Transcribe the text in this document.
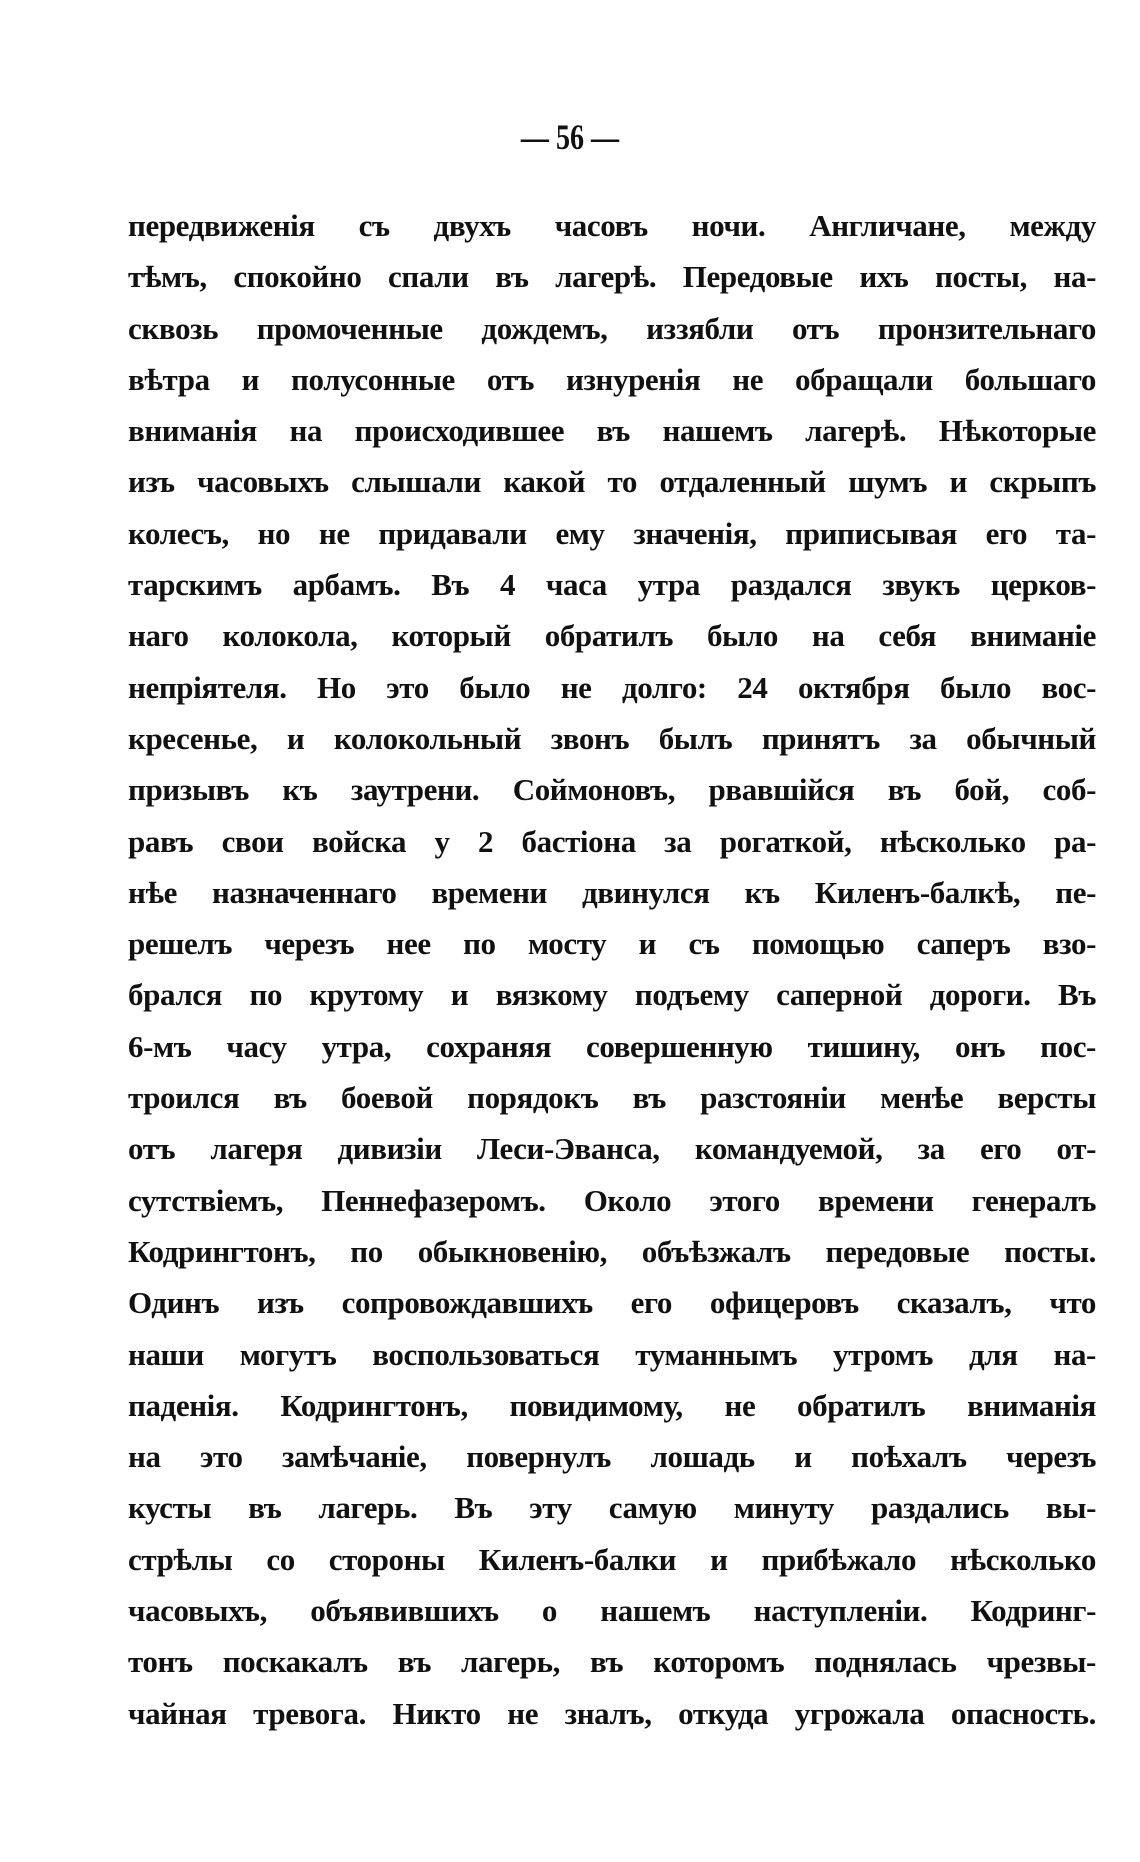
— 56 —
передвиженія съ двухъ часовъ ночи. Англичане, между
тѣмъ, спокойно спали въ лагерѣ. Передовые ихъ посты, на-
сквозь промоченные дождемъ, иззябли отъ пронзительнаго
вѣтра и полусонные отъ изнуренія не обращали большаго
вниманія на происходившее въ нашемъ лагерѣ. Нѣкоторые
изъ часовыхъ слышали какой то отдаленный шумъ и скрыпъ
колесъ, но не придавали ему значенія, приписывая его та-
тарскимъ арбамъ. Въ 4 часа утра раздался звукъ церков-
наго колокола, который обратилъ было на себя вниманіе
непріятеля. Но это было не долго: 24 октября было вос-
кресенье, и колокольный звонъ былъ принятъ за обычный
призывъ къ заутрени. Соймоновъ, рвавшійся въ бой, соб-
равъ свои войска у 2 бастіона за рогаткой, нѣсколько ра-
нѣе назначеннаго времени двинулся къ Киленъ-балкѣ, пе-
решелъ черезъ нее по мосту и съ помощью саперъ взо-
брался по крутому и вязкому подъему саперной дороги. Въ
6-мъ часу утра, сохраняя совершенную тишину, онъ пос-
троился въ боевой порядокъ въ разстояніи менѣе версты
отъ лагеря дивизіи Леси-Эванса, командуемой, за его от-
сутствіемъ, Пеннефазеромъ. Около этого времени генералъ
Кодрингтонъ, по обыкновенію, объѣзжалъ передовые посты.
Одинъ изъ сопровождавшихъ его офицеровъ сказалъ, что
наши могутъ воспользоваться туманнымъ утромъ для на-
паденія. Кодрингтонъ, повидимому, не обратилъ вниманія
на это замѣчаніе, повернулъ лошадь и поѣхалъ черезъ
кусты въ лагерь. Въ эту самую минуту раздались вы-
стрѣлы со стороны Киленъ-балки и прибѣжало нѣсколько
часовыхъ, объявившихъ о нашемъ наступленіи. Кодринг-
тонъ поскакалъ въ лагерь, въ которомъ поднялась чрезвы-
чайная тревога. Никто не зналъ, откуда угрожала опасность.
